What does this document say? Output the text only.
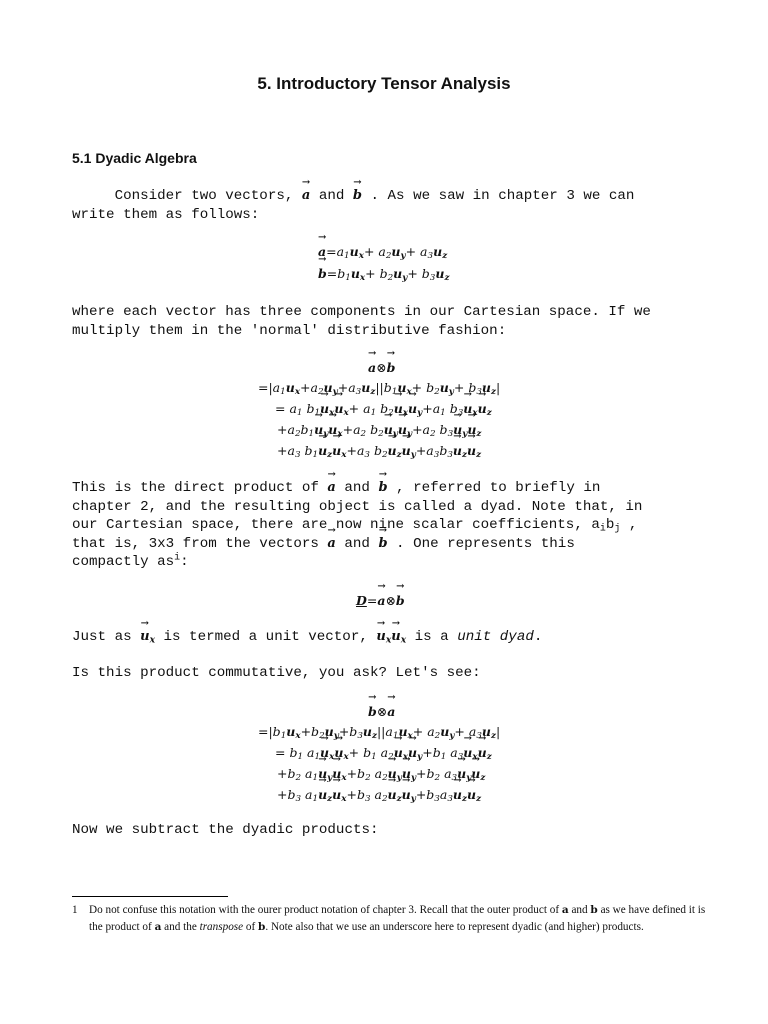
5. Introductory Tensor Analysis
5.1 Dyadic Algebra
Consider two vectors, → a and → b . As we saw in chapter 3 we can
write them as follows:
→ $a=a_1u_x+ a_2u_y+ a_3u_z$
→ $b=b_1u_x+ b_2u_y+ b_3u_z$
where each vector has three components in our Cartesian space. If we
multiply them in the 'normal' distributive fashion:
→ a⊗→ b
$=|a_1u_x+a_2u_y+a_3u_z||b_1u_x+ b_2u_y+ b_3u_z|$
= $a_1$ $b_1\to u_x\to u_x+ a_1$ $b_2\to u_x\to u_y+a_1$ $b_3\to u_x\to u_z$
$+a_2b_1\to u_y\to u_x+a_2$ $b_2\to u_y\to u_y+a_2$ $b_3\to u_y\to u_z$
$+a_3$ $b_1\to u_z\to u_x+a_3$ $b_2\to u_z\to u_y+a_3b_3\to u_z\to u_z$
This is the direct product of → a and → b , referred to briefly in
chapter 2, and the resulting object is called a dyad. Note that, in
our Cartesian space, there are now nine scalar coefficients, $a_ib_j$ ,
that is, 3x3 from the vectors → a and → b . One represents this
compactly $as^i$:
D=→ a⊗→ b
Just as → $u_x$ is termed a unit vector, → $u_x\to u_x$ is a unit dyad.
Is this product commutative, you ask? Let's see:
→ b⊗→ a
$=|b_1u_x+b_2u_y+b_3u_z||a_1u_x+ a_2u_y+ a_3u_z|$
= $b_1$ $a_1\to u_x\to u_x+ b_1$ $a_2\to u_x\to u_y+b_1$ $a_3\to u_x\to u_z$
$+b_2$ $a_1\to u_y\to u_x+b_2$ $a_2\to u_y\to u_y+b_2$ $a_3\to u_y\to u_z$
$+b_3$ $a_1\to u_z\to u_x+b_3$ $a_2\to u_z\to u_y+b_3a_3\to u_z\to u_z$
Now we subtract the dyadic products:
1 Do not confuse this notation with the ourer product notation of chapter 3. Recall that the outer product of a and b as we have defined it is the product of a and the transpose of b. Note also that we use an underscore here to represent dyadic (and higher) products.
